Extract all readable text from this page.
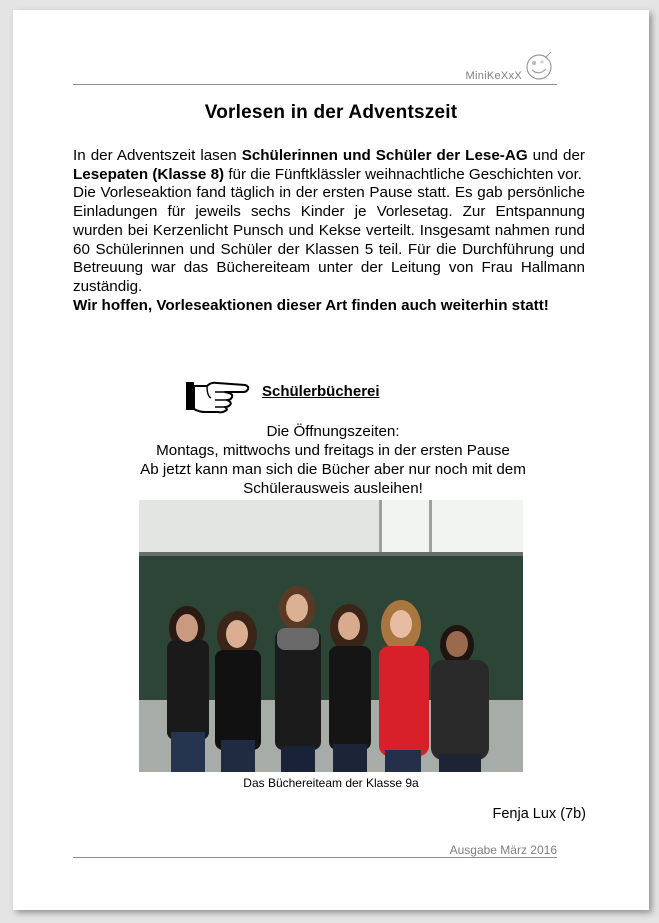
MiniKeXxX
Vorlesen in der Adventszeit

In der Adventszeit lasen Schülerinnen und Schüler der Lese-AG und der Lesepaten (Klasse 8) für die Fünftklässler weihnachtliche Geschichten vor.

Die Vorleseaktion fand täglich in der ersten Pause statt. Es gab persönliche Einladungen für jeweils sechs Kinder je Vorlesetag. Zur Entspannung wurden bei Kerzenlicht Punsch und Kekse verteilt. Insgesamt nahmen rund 60 Schülerinnen und Schüler der Klassen 5 teil. Für die Durchführung und Betreuung war das Büchereiteam unter der Leitung von Frau Hallmann zuständig.

Wir hoffen, Vorleseaktionen dieser Art finden auch weiterhin statt!

Schülerbücherei
Die Öffnungszeiten:
Montags, mittwochs und freitags in der ersten Pause
Ab jetzt kann man sich die Bücher aber nur noch mit dem
Schülerausweis ausleihen!
Das Büchereiteam der Klasse 9a
Fenja Lux (7b)
Ausgabe März 2016
